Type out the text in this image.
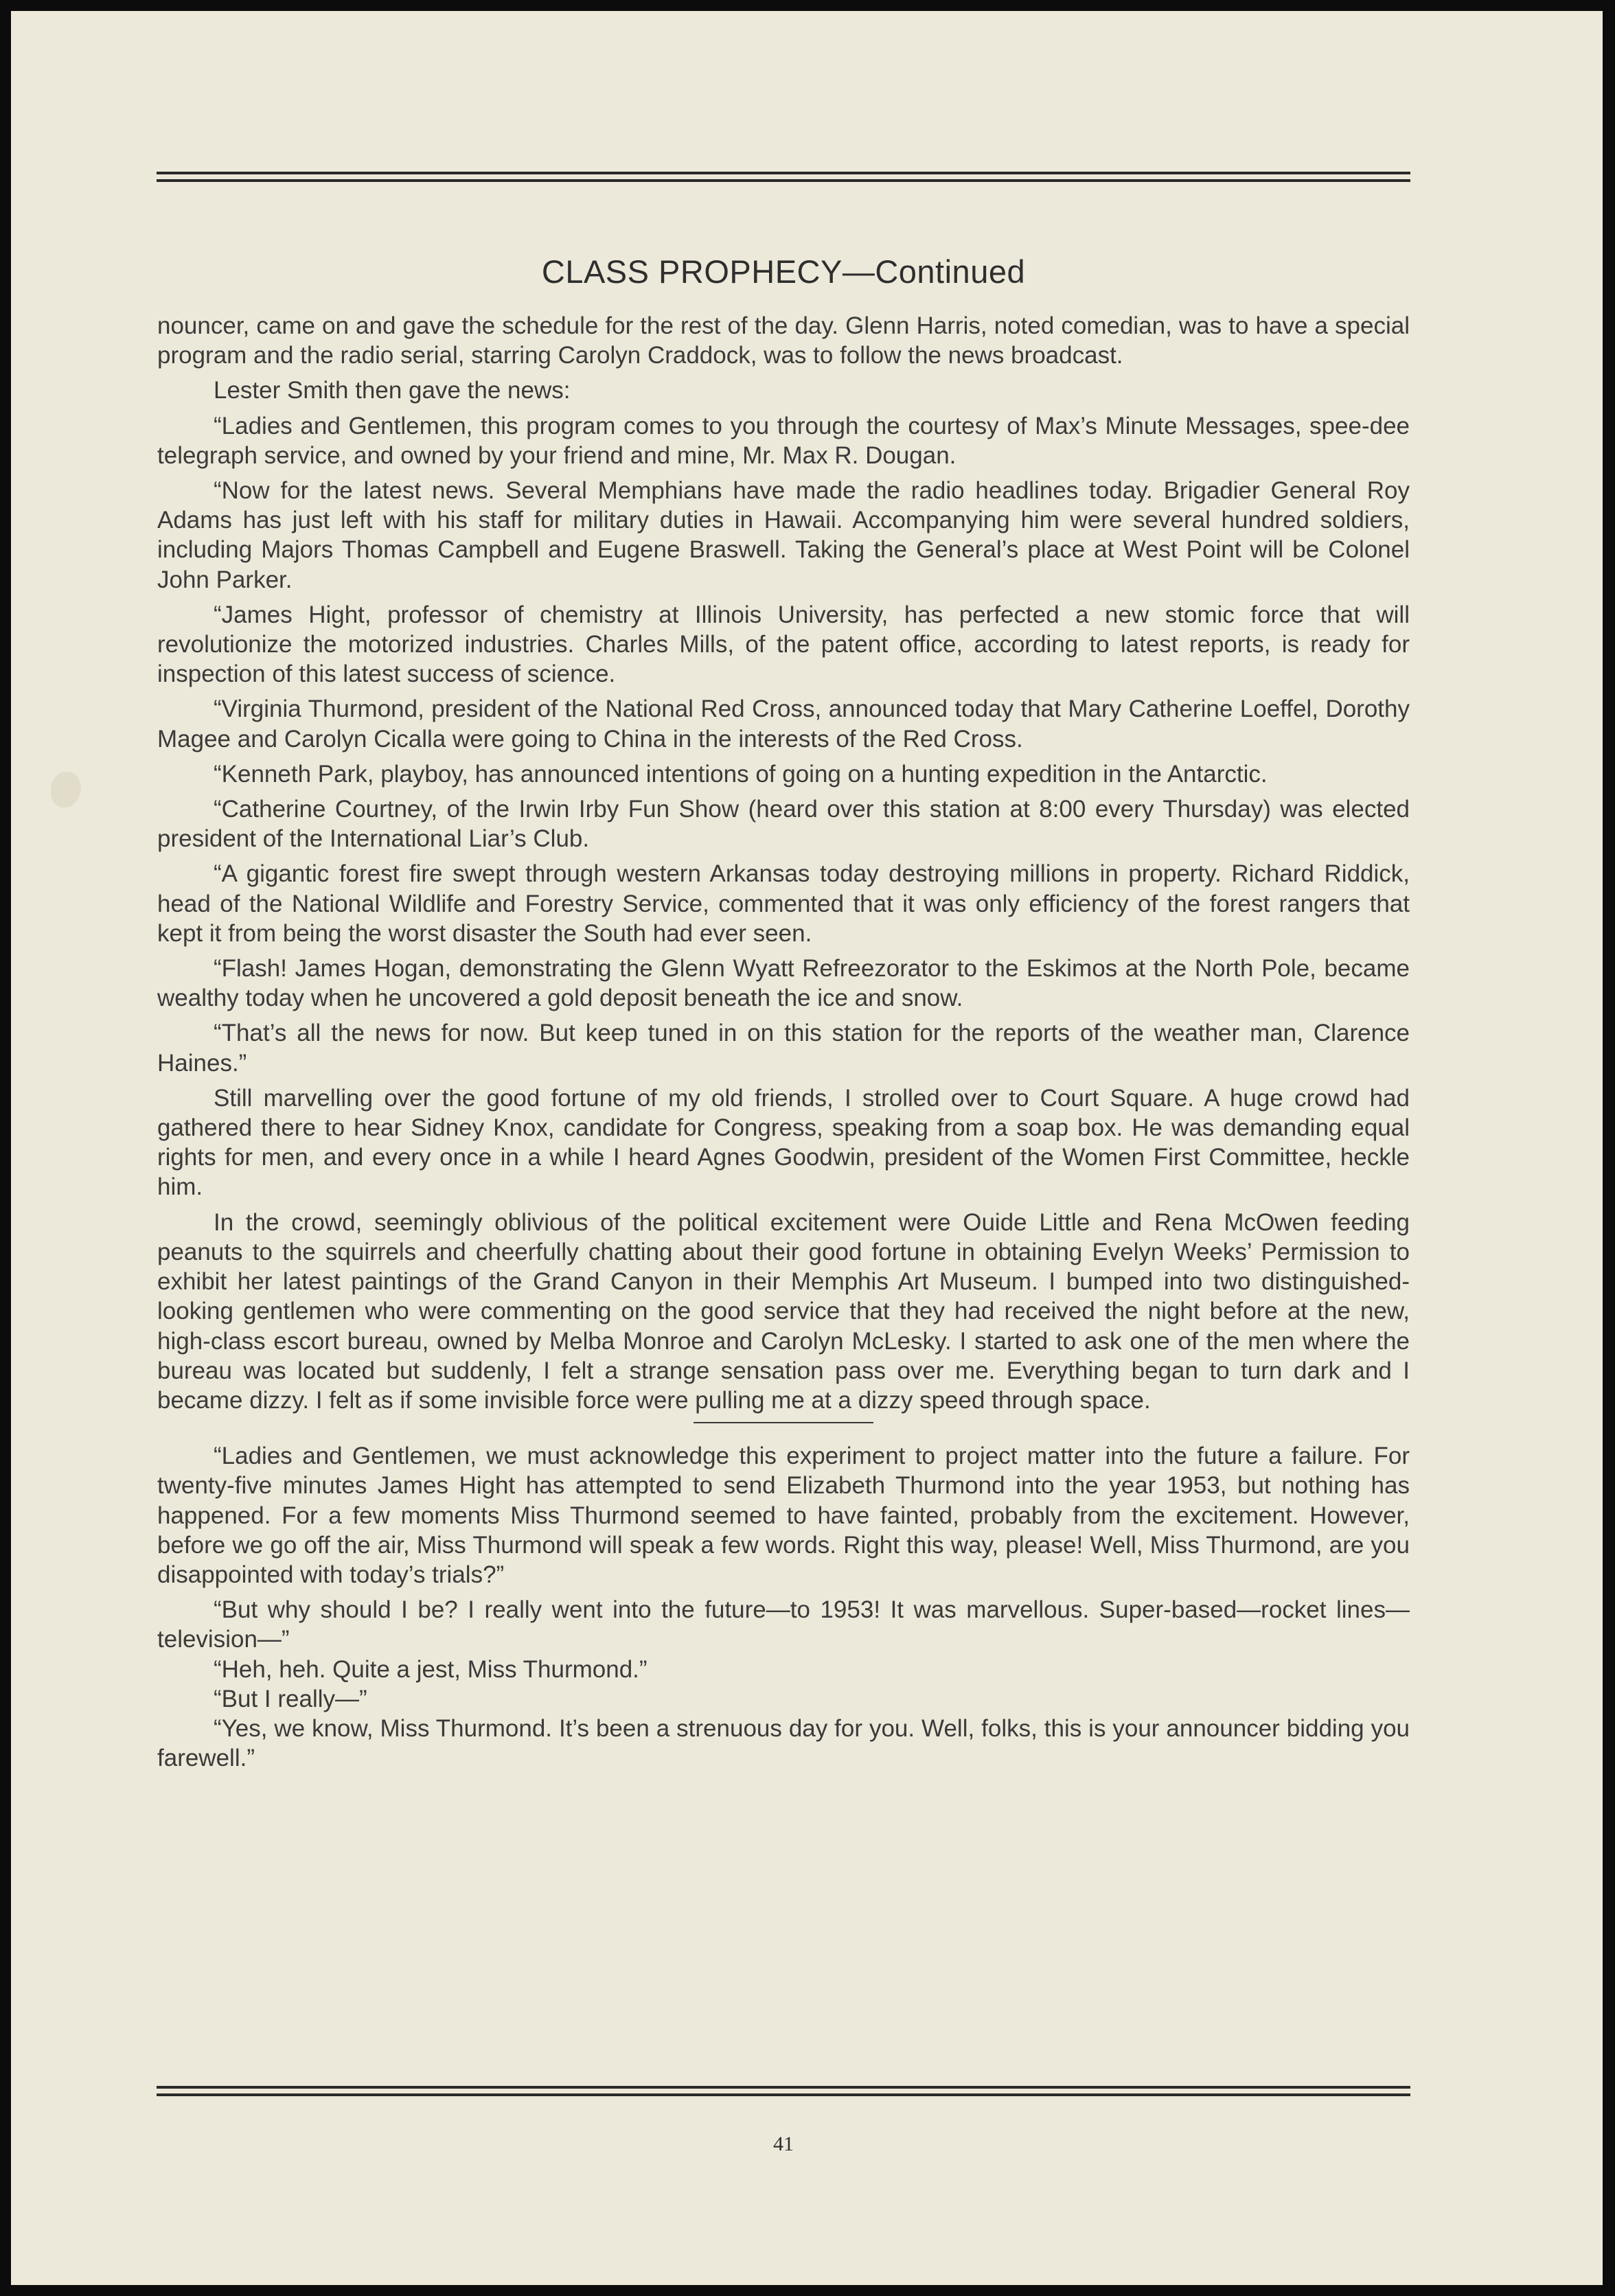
CLASS PROPHECY—Continued

nouncer, came on and gave the schedule for the rest of the day. Glenn Harris, noted comedian, was to have a special program and the radio serial, starring Carolyn Craddock, was to follow the news broadcast.

Lester Smith then gave the news:

“Ladies and Gentlemen, this program comes to you through the courtesy of Max’s Minute Messages, spee-dee telegraph service, and owned by your friend and mine, Mr. Max R. Dougan.

“Now for the latest news. Several Memphians have made the radio headlines today. Brigadier General Roy Adams has just left with his staff for military duties in Hawaii. Accompanying him were several hundred soldiers, including Majors Thomas Campbell and Eugene Braswell. Taking the General’s place at West Point will be Colonel John Parker.

“James Hight, professor of chemistry at Illinois University, has perfected a new stomic force that will revolutionize the motorized industries. Charles Mills, of the patent office, according to latest reports, is ready for inspection of this latest success of science.

“Virginia Thurmond, president of the National Red Cross, announced today that Mary Catherine Loeffel, Dorothy Magee and Carolyn Cicalla were going to China in the interests of the Red Cross.

“Kenneth Park, playboy, has announced intentions of going on a hunting expedition in the Antarctic.

“Catherine Courtney, of the Irwin Irby Fun Show (heard over this station at 8:00 every Thursday) was elected president of the International Liar’s Club.

“A gigantic forest fire swept through western Arkansas today destroying millions in property. Richard Riddick, head of the National Wildlife and Forestry Service, commented that it was only efficiency of the forest rangers that kept it from being the worst disaster the South had ever seen.

“Flash! James Hogan, demonstrating the Glenn Wyatt Refreezorator to the Eskimos at the North Pole, became wealthy today when he uncovered a gold deposit beneath the ice and snow.

“That’s all the news for now. But keep tuned in on this station for the reports of the weather man, Clarence Haines.”

Still marvelling over the good fortune of my old friends, I strolled over to Court Square. A huge crowd had gathered there to hear Sidney Knox, candidate for Congress, speaking from a soap box. He was demanding equal rights for men, and every once in a while I heard Agnes Goodwin, president of the Women First Committee, heckle him.

In the crowd, seemingly oblivious of the political excitement were Ouide Little and Rena McOwen feeding peanuts to the squirrels and cheerfully chatting about their good fortune in obtaining Evelyn Weeks’ Permission to exhibit her latest paintings of the Grand Canyon in their Memphis Art Museum. I bumped into two distinguished-looking gentlemen who were commenting on the good service that they had received the night before at the new, high-class escort bureau, owned by Melba Monroe and Carolyn McLesky. I started to ask one of the men where the bureau was located but suddenly, I felt a strange sensation pass over me. Everything began to turn dark and I became dizzy. I felt as if some invisible force were pulling me at a dizzy speed through space.

“Ladies and Gentlemen, we must acknowledge this experiment to project matter into the future a failure. For twenty-five minutes James Hight has attempted to send Elizabeth Thurmond into the year 1953, but nothing has happened. For a few moments Miss Thurmond seemed to have fainted, probably from the excitement. However, before we go off the air, Miss Thurmond will speak a few words. Right this way, please! Well, Miss Thurmond, are you disappointed with today’s trials?”

“But why should I be? I really went into the future—to 1953! It was marvellous. Super-based—rocket lines—television—”

“Heh, heh. Quite a jest, Miss Thurmond.”

“But I really—”

“Yes, we know, Miss Thurmond. It’s been a strenuous day for you. Well, folks, this is your announcer bidding you farewell.”

41
